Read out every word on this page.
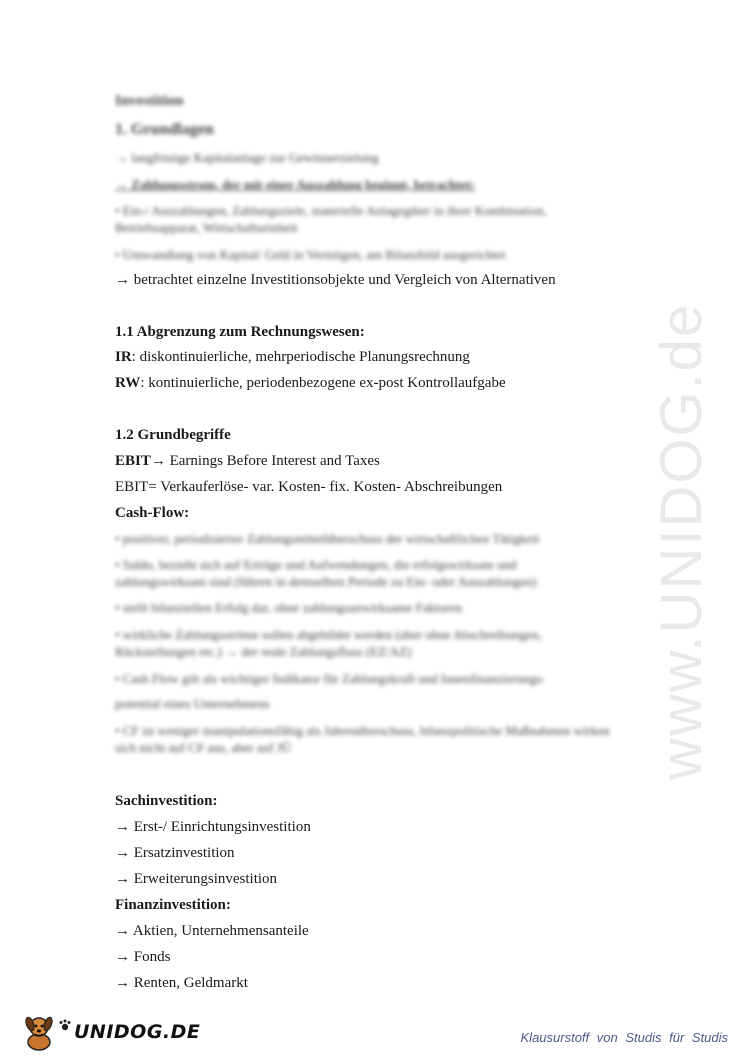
www.UNIDOG.de
Investition
1. Grundlagen
→ langfristige Kapitalanlage zur Gewinnerzielung
→ Zahlungsstrom, der mit einer Auszahlung beginnt, betrachtet:
• Ein-/ Auszahlungen, Zahlungsziele, materielle Anlagegüter in ihrer Kombination,
Betriebsapparat, Wirtschaftseinheit
• Umwandlung von Kapital/ Geld in Vermögen, am Bilanzbild ausgerichtet
→ betrachtet einzelne Investitionsobjekte und Vergleich von Alternativen
1.1 Abgrenzung zum Rechnungswesen:
IR: diskontinuierliche, mehrperiodische Planungsrechnung
RW: kontinuierliche, periodenbezogene ex-post Kontrollaufgabe
1.2 Grundbegriffe
EBIT→ Earnings Before Interest and Taxes
EBIT= Verkauferlöse- var. Kosten- fix. Kosten- Abschreibungen
Cash-Flow:
• positiver, periodisierter Zahlungsmittelüberschuss der wirtschaftlichen Tätigkeit
• Saldo, bezieht sich auf Erträge und Aufwendungen, die erfolgswirksam und
zahlungswirksam sind (führen in demselben Periode zu Ein- oder Auszahlungen)
• stellt bilanziellen Erfolg dar, ohne zahlungsunwirksame Faktoren
• wirkliche Zahlungsströme sollen abgebildet werden (aber ohne Abschreibungen,
Rückstellungen etc.) → der reale Zahlungsfluss (EZ/AZ)
• Cash Flow gilt als wichtiger Indikator für Zahlungskraft und Innenfinanzierungs-
potential eines Unternehmens
• CF ist weniger manipulationsfähig als Jahresüberschuss, bilanzpolitische Maßnahmen wirken
sich nicht auf CF aus, aber auf JÜ
Sachinvestition:
→ Erst-/ Einrichtungsinvestition
→ Ersatzinvestition
→ Erweiterungsinvestition
Finanzinvestition:
→ Aktien, Unternehmensanteile
→ Fonds
→ Renten, Geldmarkt
UNIDOG.DE	Klausurstoff von Studis für Studis
